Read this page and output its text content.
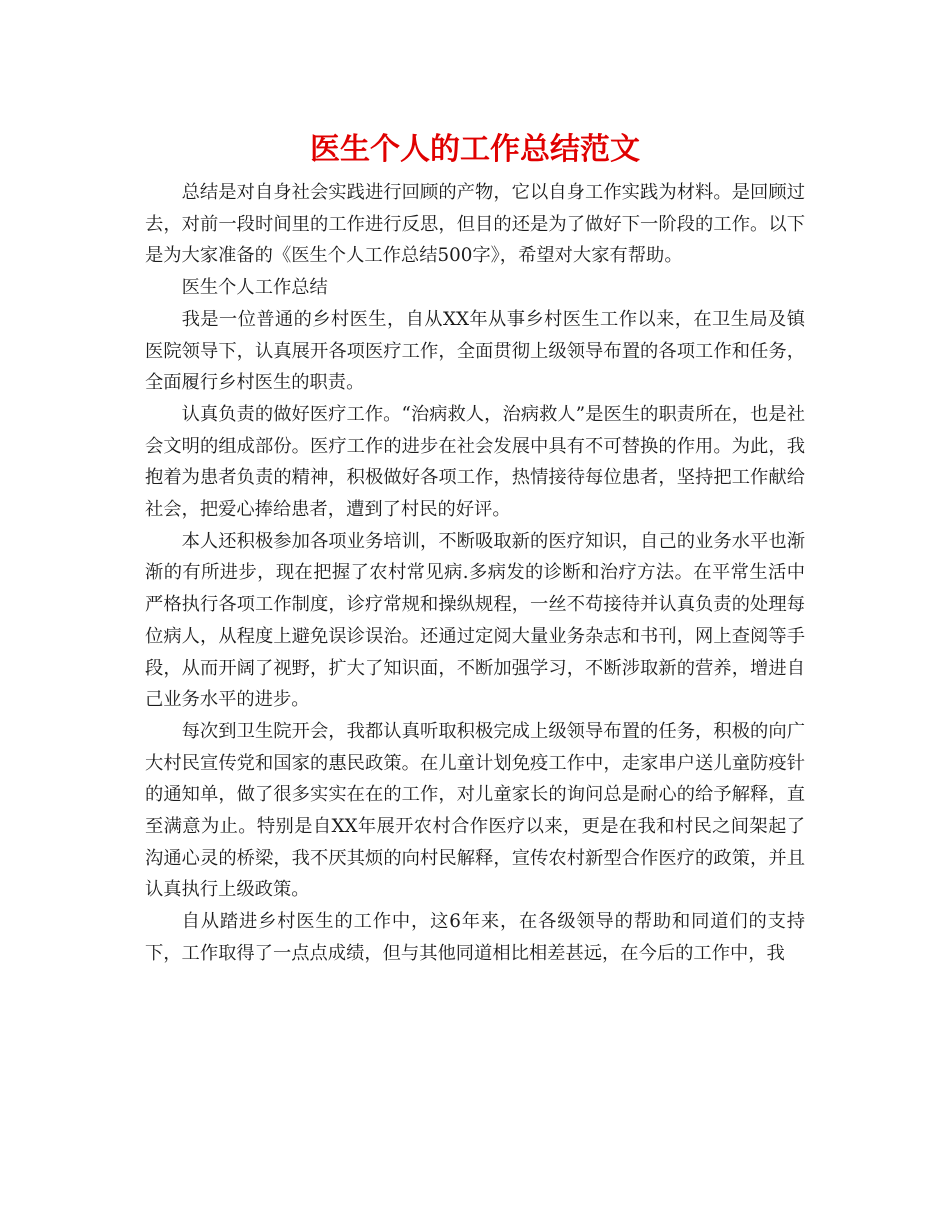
医生个人的工作总结范文

总结是对自身社会实践进行回顾的产物，它以自身工作实践为材料。是回顾过去，对前一段时间里的工作进行反思，但目的还是为了做好下一阶段的工作。以下是为大家准备的《医生个人工作总结500字》，希望对大家有帮助。

医生个人工作总结

我是一位普通的乡村医生，自从XX年从事乡村医生工作以来，在卫生局及镇医院领导下，认真展开各项医疗工作，全面贯彻上级领导布置的各项工作和任务，全面履行乡村医生的职责。

认真负责的做好医疗工作。“治病救人，治病救人”是医生的职责所在，也是社会文明的组成部份。医疗工作的进步在社会发展中具有不可替换的作用。为此，我抱着为患者负责的精神，积极做好各项工作，热情接待每位患者，坚持把工作献给社会，把爱心捧给患者，遭到了村民的好评。

本人还积极参加各项业务培训，不断吸取新的医疗知识，自己的业务水平也渐渐的有所进步，现在把握了农村常见病.多病发的诊断和治疗方法。在平常生活中严格执行各项工作制度，诊疗常规和操纵规程，一丝不苟接待并认真负责的处理每位病人，从程度上避免误诊误治。还通过定阅大量业务杂志和书刊，网上查阅等手段，从而开阔了视野，扩大了知识面，不断加强学习，不断涉取新的营养，增进自己业务水平的进步。

每次到卫生院开会，我都认真听取积极完成上级领导布置的任务，积极的向广大村民宣传党和国家的惠民政策。在儿童计划免疫工作中，走家串户送儿童防疫针的通知单，做了很多实实在在的工作，对儿童家长的询问总是耐心的给予解释，直至满意为止。特别是自XX年展开农村合作医疗以来，更是在我和村民之间架起了沟通心灵的桥梁，我不厌其烦的向村民解释，宣传农村新型合作医疗的政策，并且认真执行上级政策。

自从踏进乡村医生的工作中，这6年来，在各级领导的帮助和同道们的支持下，工作取得了一点点成绩，但与其他同道相比相差甚远，在今后的工作中，我
